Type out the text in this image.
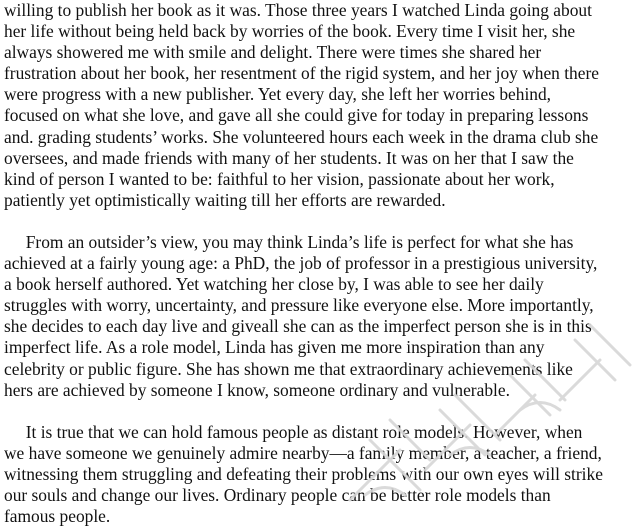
willing to publish her book as it was. Those three years I watched Linda going about
her life without being held back by worries of the book. Every time I visit her, she
always showered me with smile and delight. There were times she shared her
frustration about her book, her resentment of the rigid system, and her joy when there
were progress with a new publisher. Yet every day, she left her worries behind,
focused on what she love, and gave all she could give for today in preparing lessons
and. grading students’ works. She volunteered hours each week in the drama club she
oversees, and made friends with many of her students. It was on her that I saw the
kind of person I wanted to be: faithful to her vision, passionate about her work,
patiently yet optimistically waiting till her efforts are rewarded.
From an outsider’s view, you may think Linda’s life is perfect for what she has
achieved at a fairly young age: a PhD, the job of professor in a prestigious university,
a book herself authored. Yet watching her close by, I was able to see her daily
struggles with worry, uncertainty, and pressure like everyone else. More importantly,
she decides to each day live and giveall she can as the imperfect person she is in this
imperfect life. As a role model, Linda has given me more inspiration than any
celebrity or public figure. She has shown me that extraordinary achievements like
hers are achieved by someone I know, someone ordinary and vulnerable.
It is true that we can hold famous people as distant role models. However, when
we have someone we genuinely admire nearby—a family member, a teacher, a friend,
witnessing them struggling and defeating their problems with our own eyes will strike
our souls and change our lives. Ordinary people can be better role models than
famous people.
